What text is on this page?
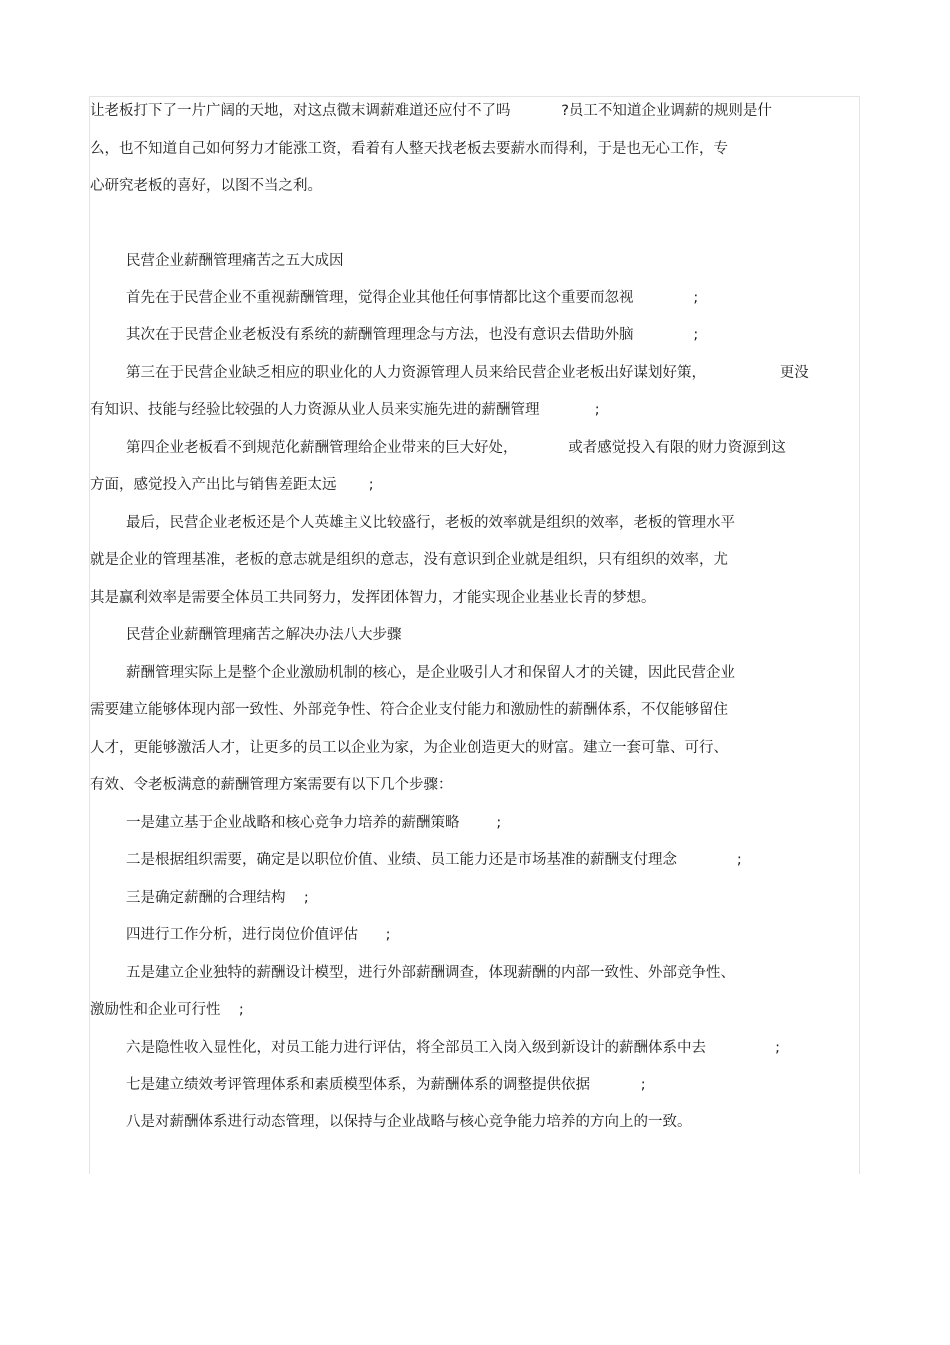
让老板打下了一片广阔的天地，对这点微末调薪难道还应付不了吗           ?员工不知道企业调薪的规则是什
么，也不知道自己如何努力才能涨工资，看着有人整天找老板去要薪水而得利，于是也无心工作，专
心研究老板的喜好，以图不当之利。
民营企业薪酬管理痛苦之五大成因
首先在于民营企业不重视薪酬管理，觉得企业其他任何事情都比这个重要而忽视             ;
其次在于民营企业老板没有系统的薪酬管理理念与方法，也没有意识去借助外脑             ;
第三在于民营企业缺乏相应的职业化的人力资源管理人员来给民营企业老板出好谋划好策，                更没
有知识、技能与经验比较强的人力资源从业人员来实施先进的薪酬管理            ;
第四企业老板看不到规范化薪酬管理给企业带来的巨大好处，           或者感觉投入有限的财力资源到这
方面，感觉投入产出比与销售差距太远       ;
最后，民营企业老板还是个人英雄主义比较盛行，老板的效率就是组织的效率，老板的管理水平
就是企业的管理基准，老板的意志就是组织的意志，没有意识到企业就是组织，只有组织的效率，尤
其是赢利效率是需要全体员工共同努力，发挥团体智力，才能实现企业基业长青的梦想。
民营企业薪酬管理痛苦之解决办法八大步骤
薪酬管理实际上是整个企业激励机制的核心，是企业吸引人才和保留人才的关键，因此民营企业
需要建立能够体现内部一致性、外部竞争性、符合企业支付能力和激励性的薪酬体系，不仅能够留住
人才，更能够激活人才，让更多的员工以企业为家，为企业创造更大的财富。建立一套可靠、可行、
有效、令老板满意的薪酬管理方案需要有以下几个步骤：
一是建立基于企业战略和核心竞争力培养的薪酬策略        ;
二是根据组织需要，确定是以职位价值、业绩、员工能力还是市场基准的薪酬支付理念             ;
三是确定薪酬的合理结构    ;
四进行工作分析，进行岗位价值评估      ;
五是建立企业独特的薪酬设计模型，进行外部薪酬调查，体现薪酬的内部一致性、外部竞争性、
激励性和企业可行性    ;
六是隐性收入显性化，对员工能力进行评估，将全部员工入岗入级到新设计的薪酬体系中去               ;
七是建立绩效考评管理体系和素质模型体系，为薪酬体系的调整提供依据           ;
八是对薪酬体系进行动态管理，以保持与企业战略与核心竞争能力培养的方向上的一致。
